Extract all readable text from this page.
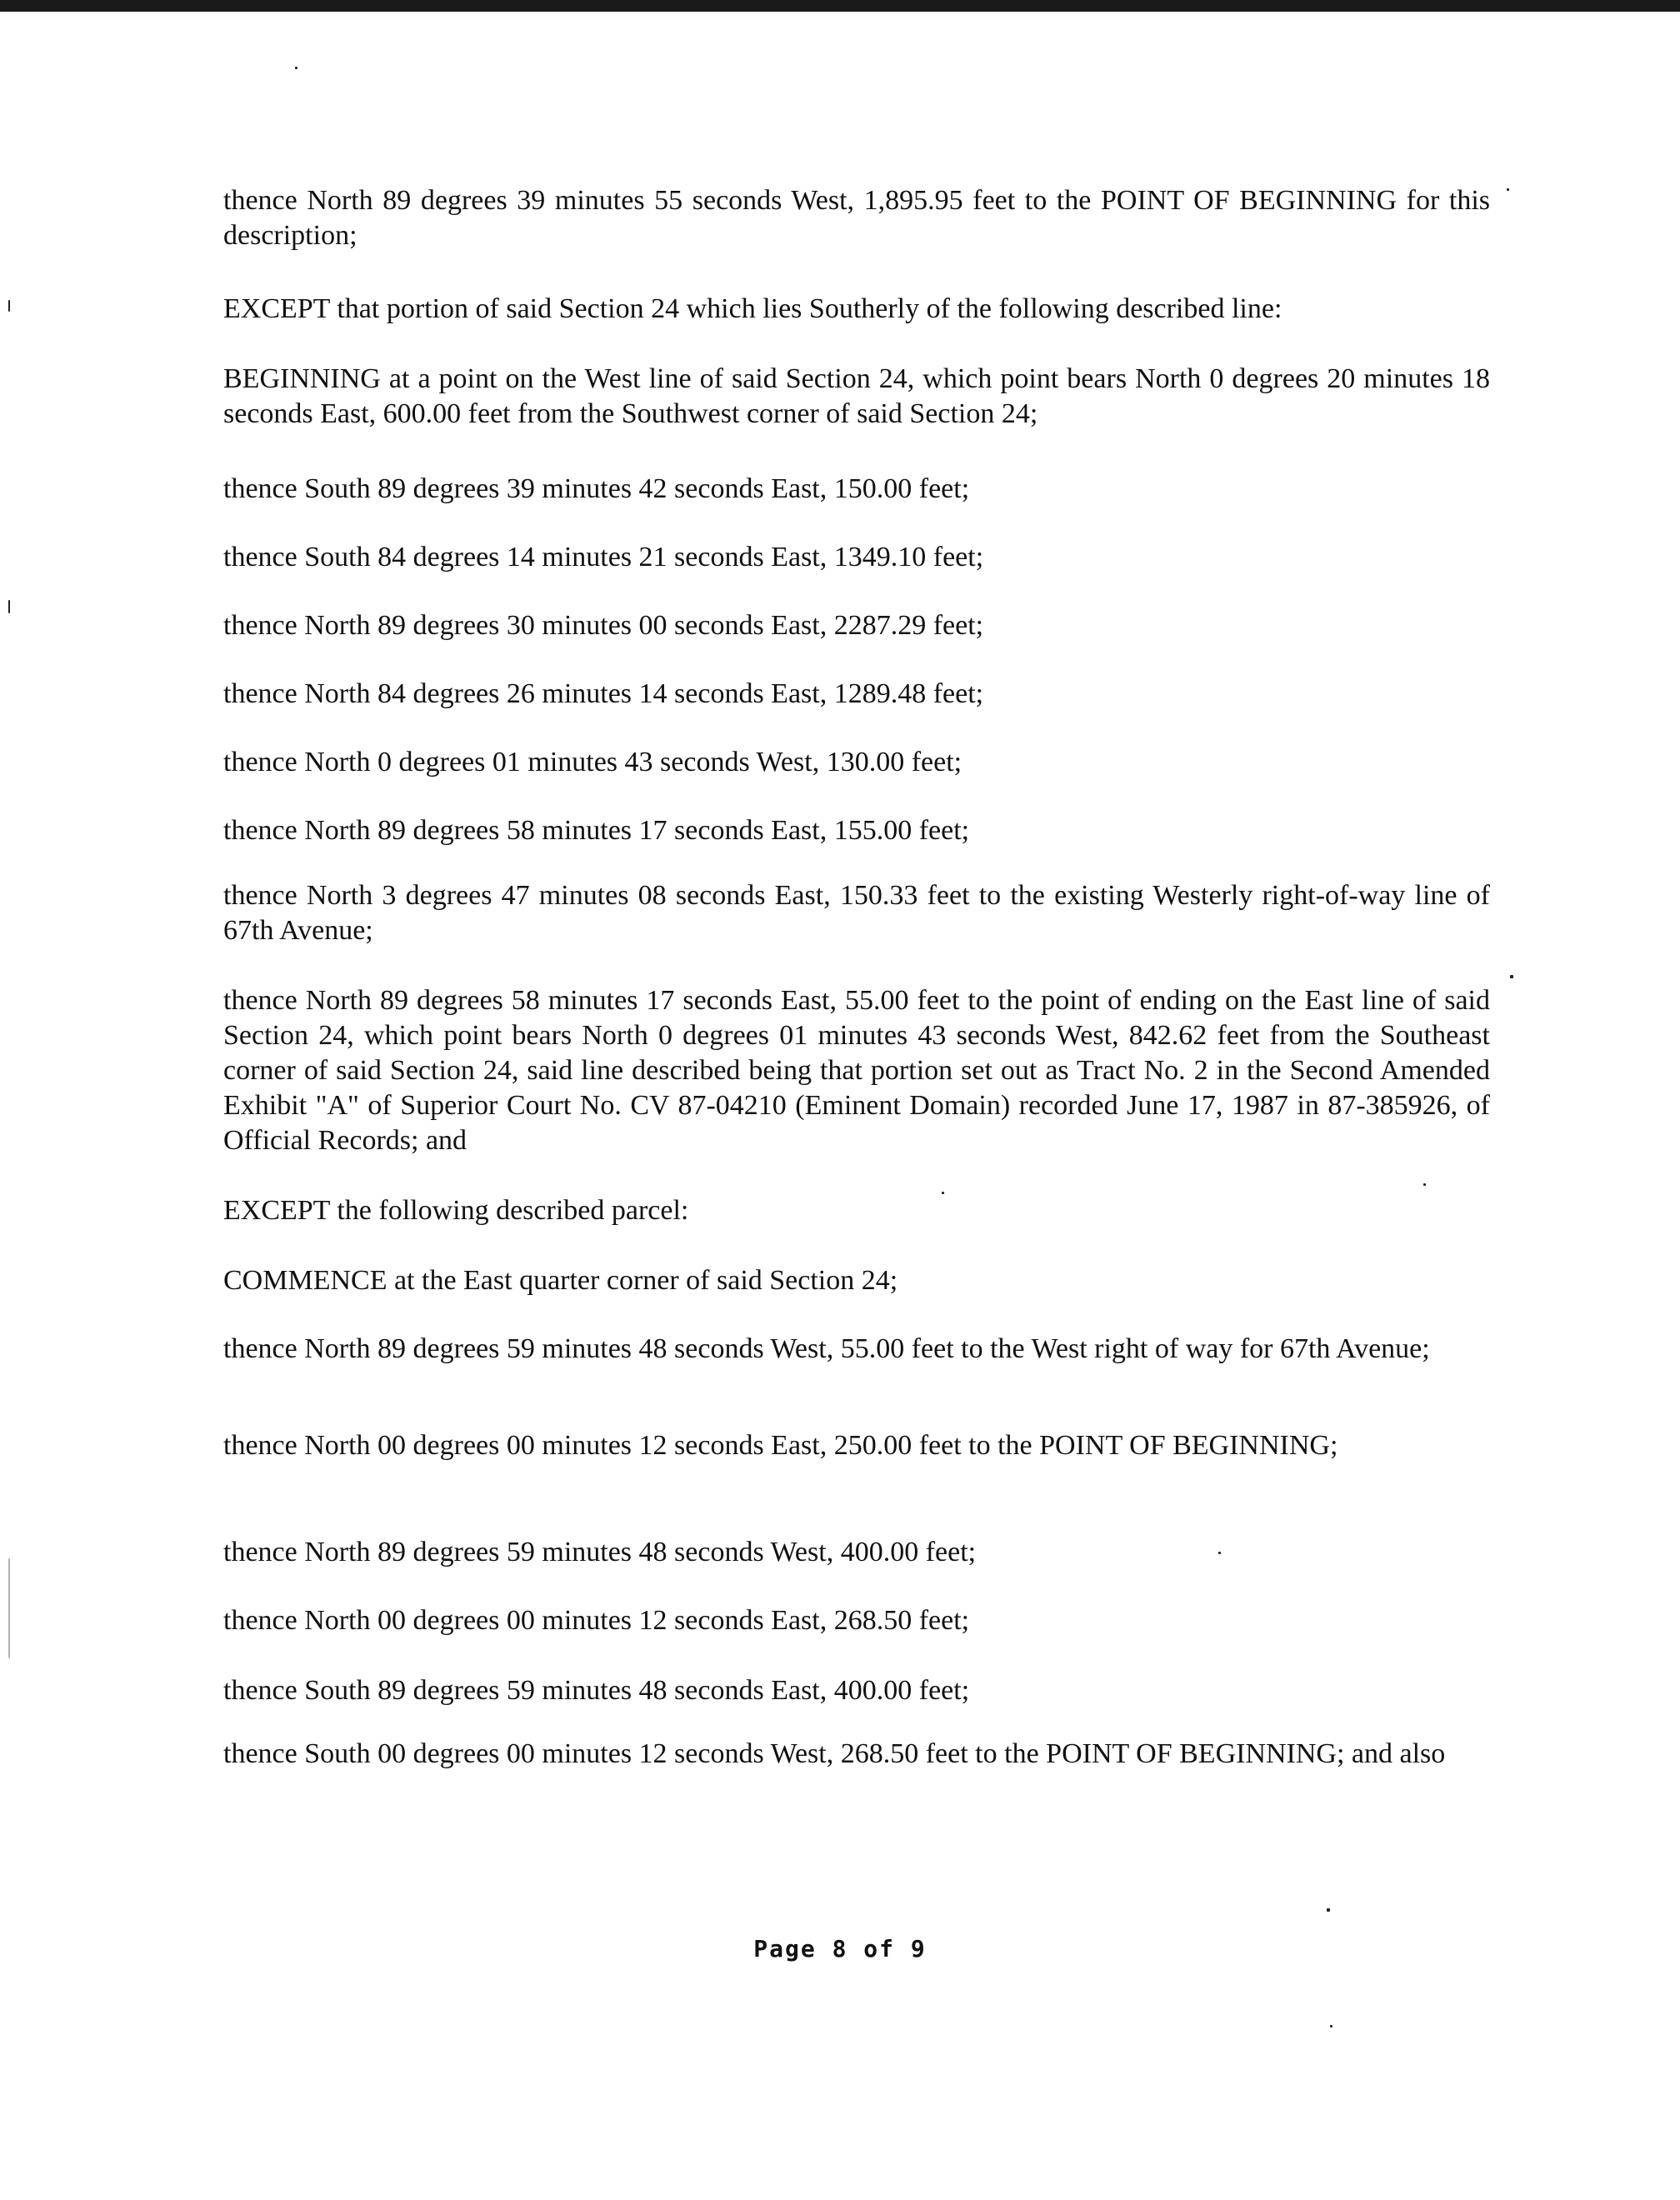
thence North 89 degrees 39 minutes 55 seconds West, 1,895.95 feet to the POINT OF BEGINNING for this description;

EXCEPT that portion of said Section 24 which lies Southerly of the following described line:

BEGINNING at a point on the West line of said Section 24, which point bears North 0 degrees 20 minutes 18 seconds East, 600.00 feet from the Southwest corner of said Section 24;

thence South 89 degrees 39 minutes 42 seconds East, 150.00 feet;

thence South 84 degrees 14 minutes 21 seconds East, 1349.10 feet;

thence North 89 degrees 30 minutes 00 seconds East, 2287.29 feet;

thence North 84 degrees 26 minutes 14 seconds East, 1289.48 feet;

thence North 0 degrees 01 minutes 43 seconds West, 130.00 feet;

thence North 89 degrees 58 minutes 17 seconds East, 155.00 feet;

thence North 3 degrees 47 minutes 08 seconds East, 150.33 feet to the existing Westerly right-of-way line of 67th Avenue;

thence North 89 degrees 58 minutes 17 seconds East, 55.00 feet to the point of ending on the East line of said Section 24, which point bears North 0 degrees 01 minutes 43 seconds West, 842.62 feet from the Southeast corner of said Section 24, said line described being that portion set out as Tract No. 2 in the Second Amended Exhibit "A" of Superior Court No. CV 87-04210 (Eminent Domain) recorded June 17, 1987 in 87-385926, of Official Records; and

EXCEPT the following described parcel:

COMMENCE at the East quarter corner of said Section 24;

thence North 89 degrees 59 minutes 48 seconds West, 55.00 feet to the West right of way for 67th Avenue;

thence North 00 degrees 00 minutes 12 seconds East, 250.00 feet to the POINT OF BEGINNING;

thence North 89 degrees 59 minutes 48 seconds West, 400.00 feet;

thence North 00 degrees 00 minutes 12 seconds East, 268.50 feet;

thence South 89 degrees 59 minutes 48 seconds East, 400.00 feet;

thence South 00 degrees 00 minutes 12 seconds West, 268.50 feet to the POINT OF BEGINNING; and also

Page 8 of 9
